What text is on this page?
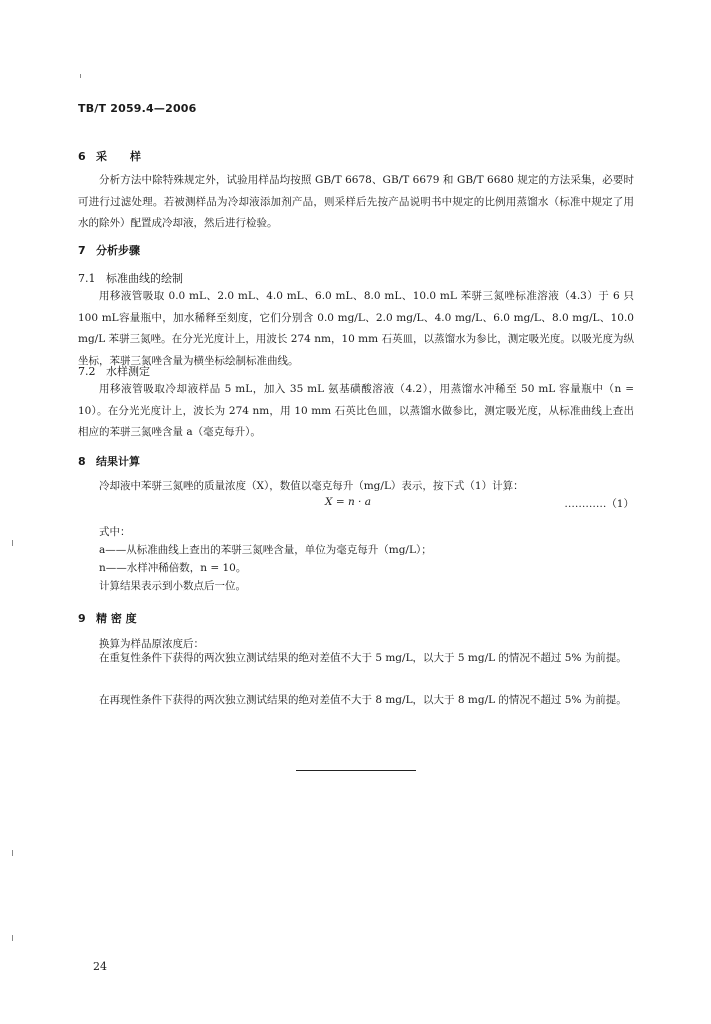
TB/T 2059.4—2006
6 采　样
分析方法中除特殊规定外，试验用样品均按照 GB/T 6678、GB/T 6679 和 GB/T 6680 规定的方法采集，必要时可进行过滤处理。若被测样品为冷却液添加剂产品，则采样后先按产品说明书中规定的比例用蒸馏水（标准中规定了用水的除外）配置成冷却液，然后进行检验。
7 分析步骤
7.1 标准曲线的绘制
用移液管吸取 0.0 mL、2.0 mL、4.0 mL、6.0 mL、8.0 mL、10.0 mL 苯骈三氮唑标准溶液（4.3）于 6 只 100 mL容量瓶中，加水稀释至刻度，它们分别含 0.0 mg/L、2.0 mg/L、4.0 mg/L、6.0 mg/L、8.0 mg/L、10.0 mg/L 苯骈三氮唑。在分光光度计上，用波长 274 nm，10 mm 石英皿，以蒸馏水为参比，测定吸光度。以吸光度为纵坐标，苯骈三氮唑含量为横坐标绘制标准曲线。
7.2 水样测定
用移液管吸取冷却液样品 5 mL，加入 35 mL 氨基磺酸溶液（4.2），用蒸馏水冲稀至 50 mL 容量瓶中（n = 10）。在分光光度计上，波长为 274 nm，用 10 mm 石英比色皿，以蒸馏水做参比，测定吸光度，从标准曲线上查出相应的苯骈三氮唑含量 a（毫克每升）。
8 结果计算
冷却液中苯骈三氮唑的质量浓度（X），数值以毫克每升（mg/L）表示，按下式（1）计算：
X = n · a	…………（1）
式中：
a——从标准曲线上查出的苯骈三氮唑含量，单位为毫克每升（mg/L）；
n——水样冲稀倍数，n = 10。
计算结果表示到小数点后一位。
9 精 密 度
换算为样品原浓度后：
在重复性条件下获得的两次独立测试结果的绝对差值不大于 5 mg/L，以大于 5 mg/L 的情况不超过 5% 为前提。
在再现性条件下获得的两次独立测试结果的绝对差值不大于 8 mg/L，以大于 8 mg/L 的情况不超过 5% 为前提。
24
